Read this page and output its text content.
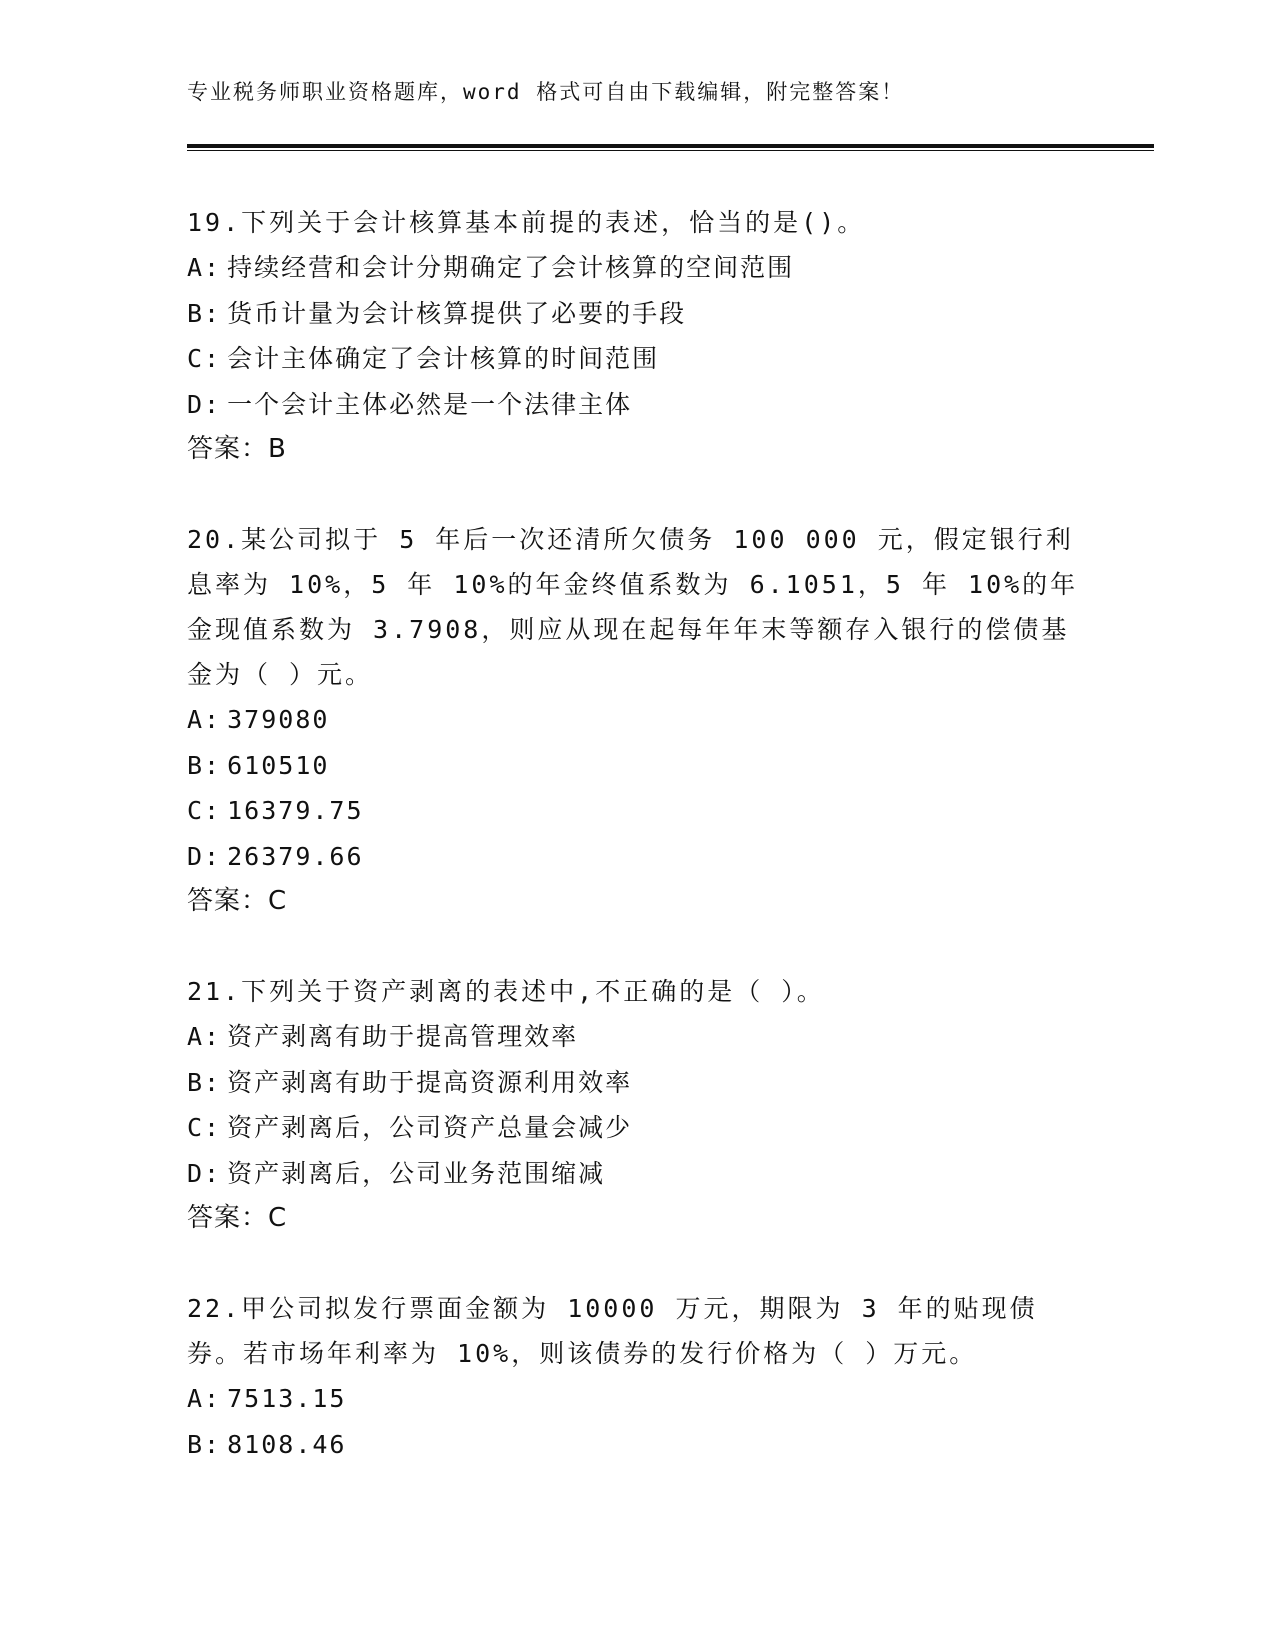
专业税务师职业资格题库，word 格式可自由下载编辑，附完整答案！

19.下列关于会计核算基本前提的表述，恰当的是()。

A: 持续经营和会计分期确定了会计核算的空间范围
B: 货币计量为会计核算提供了必要的手段
C: 会计主体确定了会计核算的时间范围
D: 一个会计主体必然是一个法律主体
答案：B

20.某公司拟于 5 年后一次还清所欠债务 100 000 元，假定银行利息率为 10%，5 年 10%的年金终值系数为 6.1051，5 年 10%的年金现值系数为 3.7908，则应从现在起每年年末等额存入银行的偿债基金为（ ）元。

A: 379080
B: 610510
C: 16379.75
D: 26379.66
答案：C

21.下列关于资产剥离的表述中,不正确的是（ ）。

A: 资产剥离有助于提高管理效率
B: 资产剥离有助于提高资源利用效率
C: 资产剥离后，公司资产总量会减少
D: 资产剥离后，公司业务范围缩减
答案：C

22.甲公司拟发行票面金额为 10000 万元，期限为 3 年的贴现债券。若市场年利率为 10%，则该债券的发行价格为（ ）万元。

A: 7513.15
B: 8108.46
